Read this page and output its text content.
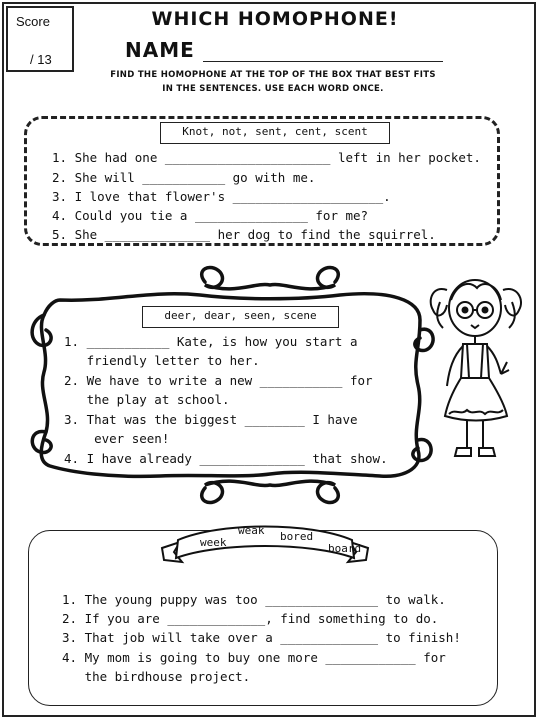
Score
/ 13
WHICH HOMOPHONE!
NAME
FIND THE HOMOPHONE AT THE TOP OF THE BOX THAT BEST FITS
IN THE SENTENCES. USE EACH WORD ONCE.
Knot, not, sent, cent, scent
1. She had one ______________________ left in her pocket.
2. She will ___________ go with me.
3. I love that flower's ____________________.
4. Could you tie a _______________ for me?
5. She ______________ her dog to find the squirrel.
deer, dear, seen, scene
1. ___________ Kate, is how you start a
friendly letter to her.
2. We have to write a new ___________ for
the play at school.
3. That was the biggest ________ I have
ever seen!
4. I have already ______________ that show.
week
weak bored
board
1. The young puppy was too _______________ to walk.
2. If you are _____________, find something to do.
3. That job will take over a _____________ to finish!
4. My mom is going to buy one more ____________ for
the birdhouse project.
